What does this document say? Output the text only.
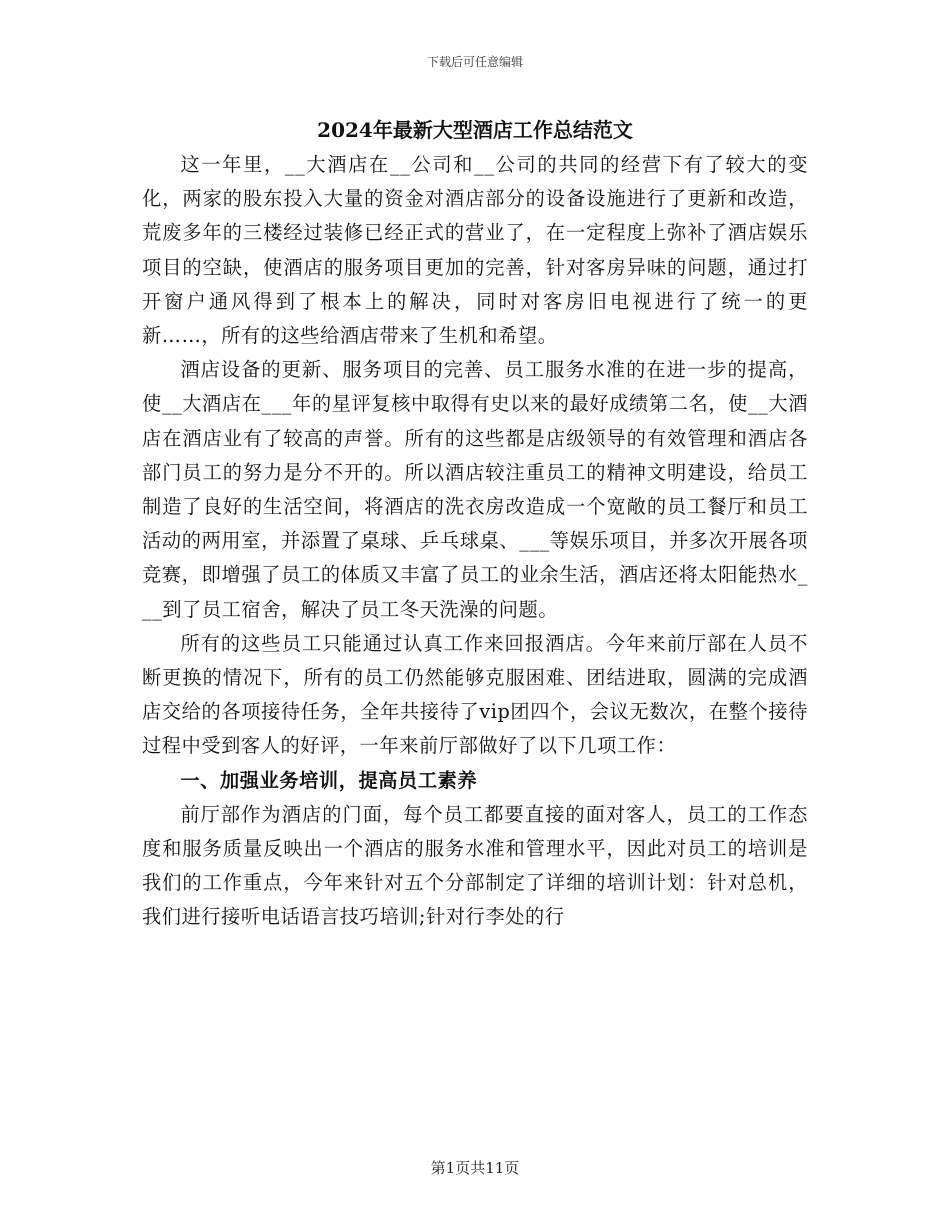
下载后可任意编辑
2024年最新大型酒店工作总结范文

这一年里，__大酒店在__公司和__公司的共同的经营下有了较大的变化，两家的股东投入大量的资金对酒店部分的设备设施进行了更新和改造，荒废多年的三楼经过装修已经正式的营业了，在一定程度上弥补了酒店娱乐项目的空缺，使酒店的服务项目更加的完善，针对客房异味的问题，通过打开窗户通风得到了根本上的解决，同时对客房旧电视进行了统一的更新……，所有的这些给酒店带来了生机和希望。

酒店设备的更新、服务项目的完善、员工服务水准的在进一步的提高，使__大酒店在___年的星评复核中取得有史以来的最好成绩第二名，使__大酒店在酒店业有了较高的声誉。所有的这些都是店级领导的有效管理和酒店各部门员工的努力是分不开的。所以酒店较注重员工的精神文明建设，给员工制造了良好的生活空间，将酒店的洗衣房改造成一个宽敞的员工餐厅和员工活动的两用室，并添置了桌球、乒乓球桌、___等娱乐项目，并多次开展各项竞赛，即增强了员工的体质又丰富了员工的业余生活，酒店还将太阳能热水___到了员工宿舍，解决了员工冬天洗澡的问题。

所有的这些员工只能通过认真工作来回报酒店。今年来前厅部在人员不断更换的情况下，所有的员工仍然能够克服困难、团结进取，圆满的完成酒店交给的各项接待任务，全年共接待了vip团四个，会议无数次，在整个接待过程中受到客人的好评，一年来前厅部做好了以下几项工作：

一、加强业务培训，提高员工素养

前厅部作为酒店的门面，每个员工都要直接的面对客人，员工的工作态度和服务质量反映出一个酒店的服务水准和管理水平，因此对员工的培训是我们的工作重点，今年来针对五个分部制定了详细的培训计划：针对总机，我们进行接听电话语言技巧培训;针对行李处的行

第1页共11页
